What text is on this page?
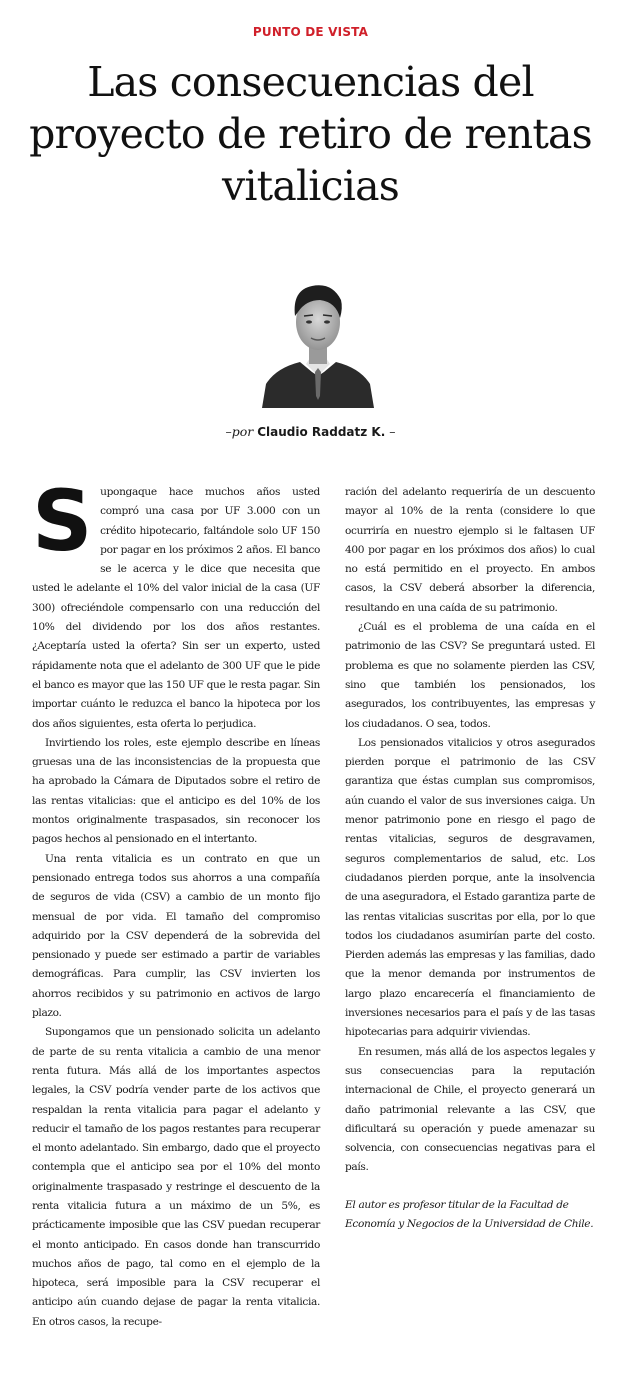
PUNTO DE VISTA
Las consecuencias del proyecto de retiro de rentas vitalicias
–por Claudio Raddatz K. –

Supongaque hace muchos años usted compró una casa por UF 3.000 con un crédito hipotecario, faltándole solo UF 150 por pagar en los próximos 2 años. El banco se le acerca y le dice que necesita que usted le adelante el 10% del valor inicial de la casa (UF 300) ofreciéndole compensarlo con una reducción del 10% del dividendo por los dos años restantes. ¿Aceptaría usted la oferta? Sin ser un experto, usted rápidamente nota que el adelanto de 300 UF que le pide el banco es mayor que las 150 UF que le resta pagar. Sin importar cuánto le reduzca el banco la hipoteca por los dos años siguientes, esta oferta lo perjudica.

Invirtiendo los roles, este ejemplo describe en líneas gruesas una de las inconsistencias de la propuesta que ha aprobado la Cámara de Diputados sobre el retiro de las rentas vitalicias: que el anticipo es del 10% de los montos originalmente traspasados, sin reconocer los pagos hechos al pensionado en el intertanto.

Una renta vitalicia es un contrato en que un pensionado entrega todos sus ahorros a una compañía de seguros de vida (CSV) a cambio de un monto fijo mensual de por vida. El tamaño del compromiso adquirido por la CSV dependerá de la sobrevida del pensionado y puede ser estimado a partir de variables demográficas. Para cumplir, las CSV invierten los ahorros recibidos y su patrimonio en activos de largo plazo.

Supongamos que un pensionado solicita un adelanto de parte de su renta vitalicia a cambio de una menor renta futura. Más allá de los importantes aspectos legales, la CSV podría vender parte de los activos que respaldan la renta vitalicia para pagar el adelanto y reducir el tamaño de los pagos restantes para recuperar el monto adelantado. Sin embargo, dado que el proyecto contempla que el anticipo sea por el 10% del monto originalmente traspasado y restringe el descuento de la renta vitalicia futura a un máximo de un 5%, es prácticamente imposible que las CSV puedan recuperar el monto anticipado. En casos donde han transcurrido muchos años de pago, tal como en el ejemplo de la hipoteca, será imposible para la CSV recuperar el anticipo aún cuando dejase de pagar la renta vitalicia. En otros casos, la recupe-

ración del adelanto requeriría de un descuento mayor al 10% de la renta (considere lo que ocurriría en nuestro ejemplo si le faltasen UF 400 por pagar en los próximos dos años) lo cual no está permitido en el proyecto. En ambos casos, la CSV deberá absorber la diferencia, resultando en una caída de su patrimonio.

¿Cuál es el problema de una caída en el patrimonio de las CSV? Se preguntará usted. El problema es que no solamente pierden las CSV, sino que también los pensionados, los asegurados, los contribuyentes, las empresas y los ciudadanos. O sea, todos.

Los pensionados vitalicios y otros asegurados pierden porque el patrimonio de las CSV garantiza que éstas cumplan sus compromisos, aún cuando el valor de sus inversiones caiga. Un menor patrimonio pone en riesgo el pago de rentas vitalicias, seguros de desgravamen, seguros complementarios de salud, etc. Los ciudadanos pierden porque, ante la insolvencia de una aseguradora, el Estado garantiza parte de las rentas vitalicias suscritas por ella, por lo que todos los ciudadanos asumirían parte del costo. Pierden además las empresas y las familias, dado que la menor demanda por instrumentos de largo plazo encarecería el financiamiento de inversiones necesarios para el país y de las tasas hipotecarias para adquirir viviendas.

En resumen, más allá de los aspectos legales y sus consecuencias para la reputación internacional de Chile, el proyecto generará un daño patrimonial relevante a las CSV, que dificultará su operación y puede amenazar su solvencia, con consecuencias negativas para el país.

El autor es profesor titular de la Facultad de Economía y Negocios de la Universidad de Chile.
